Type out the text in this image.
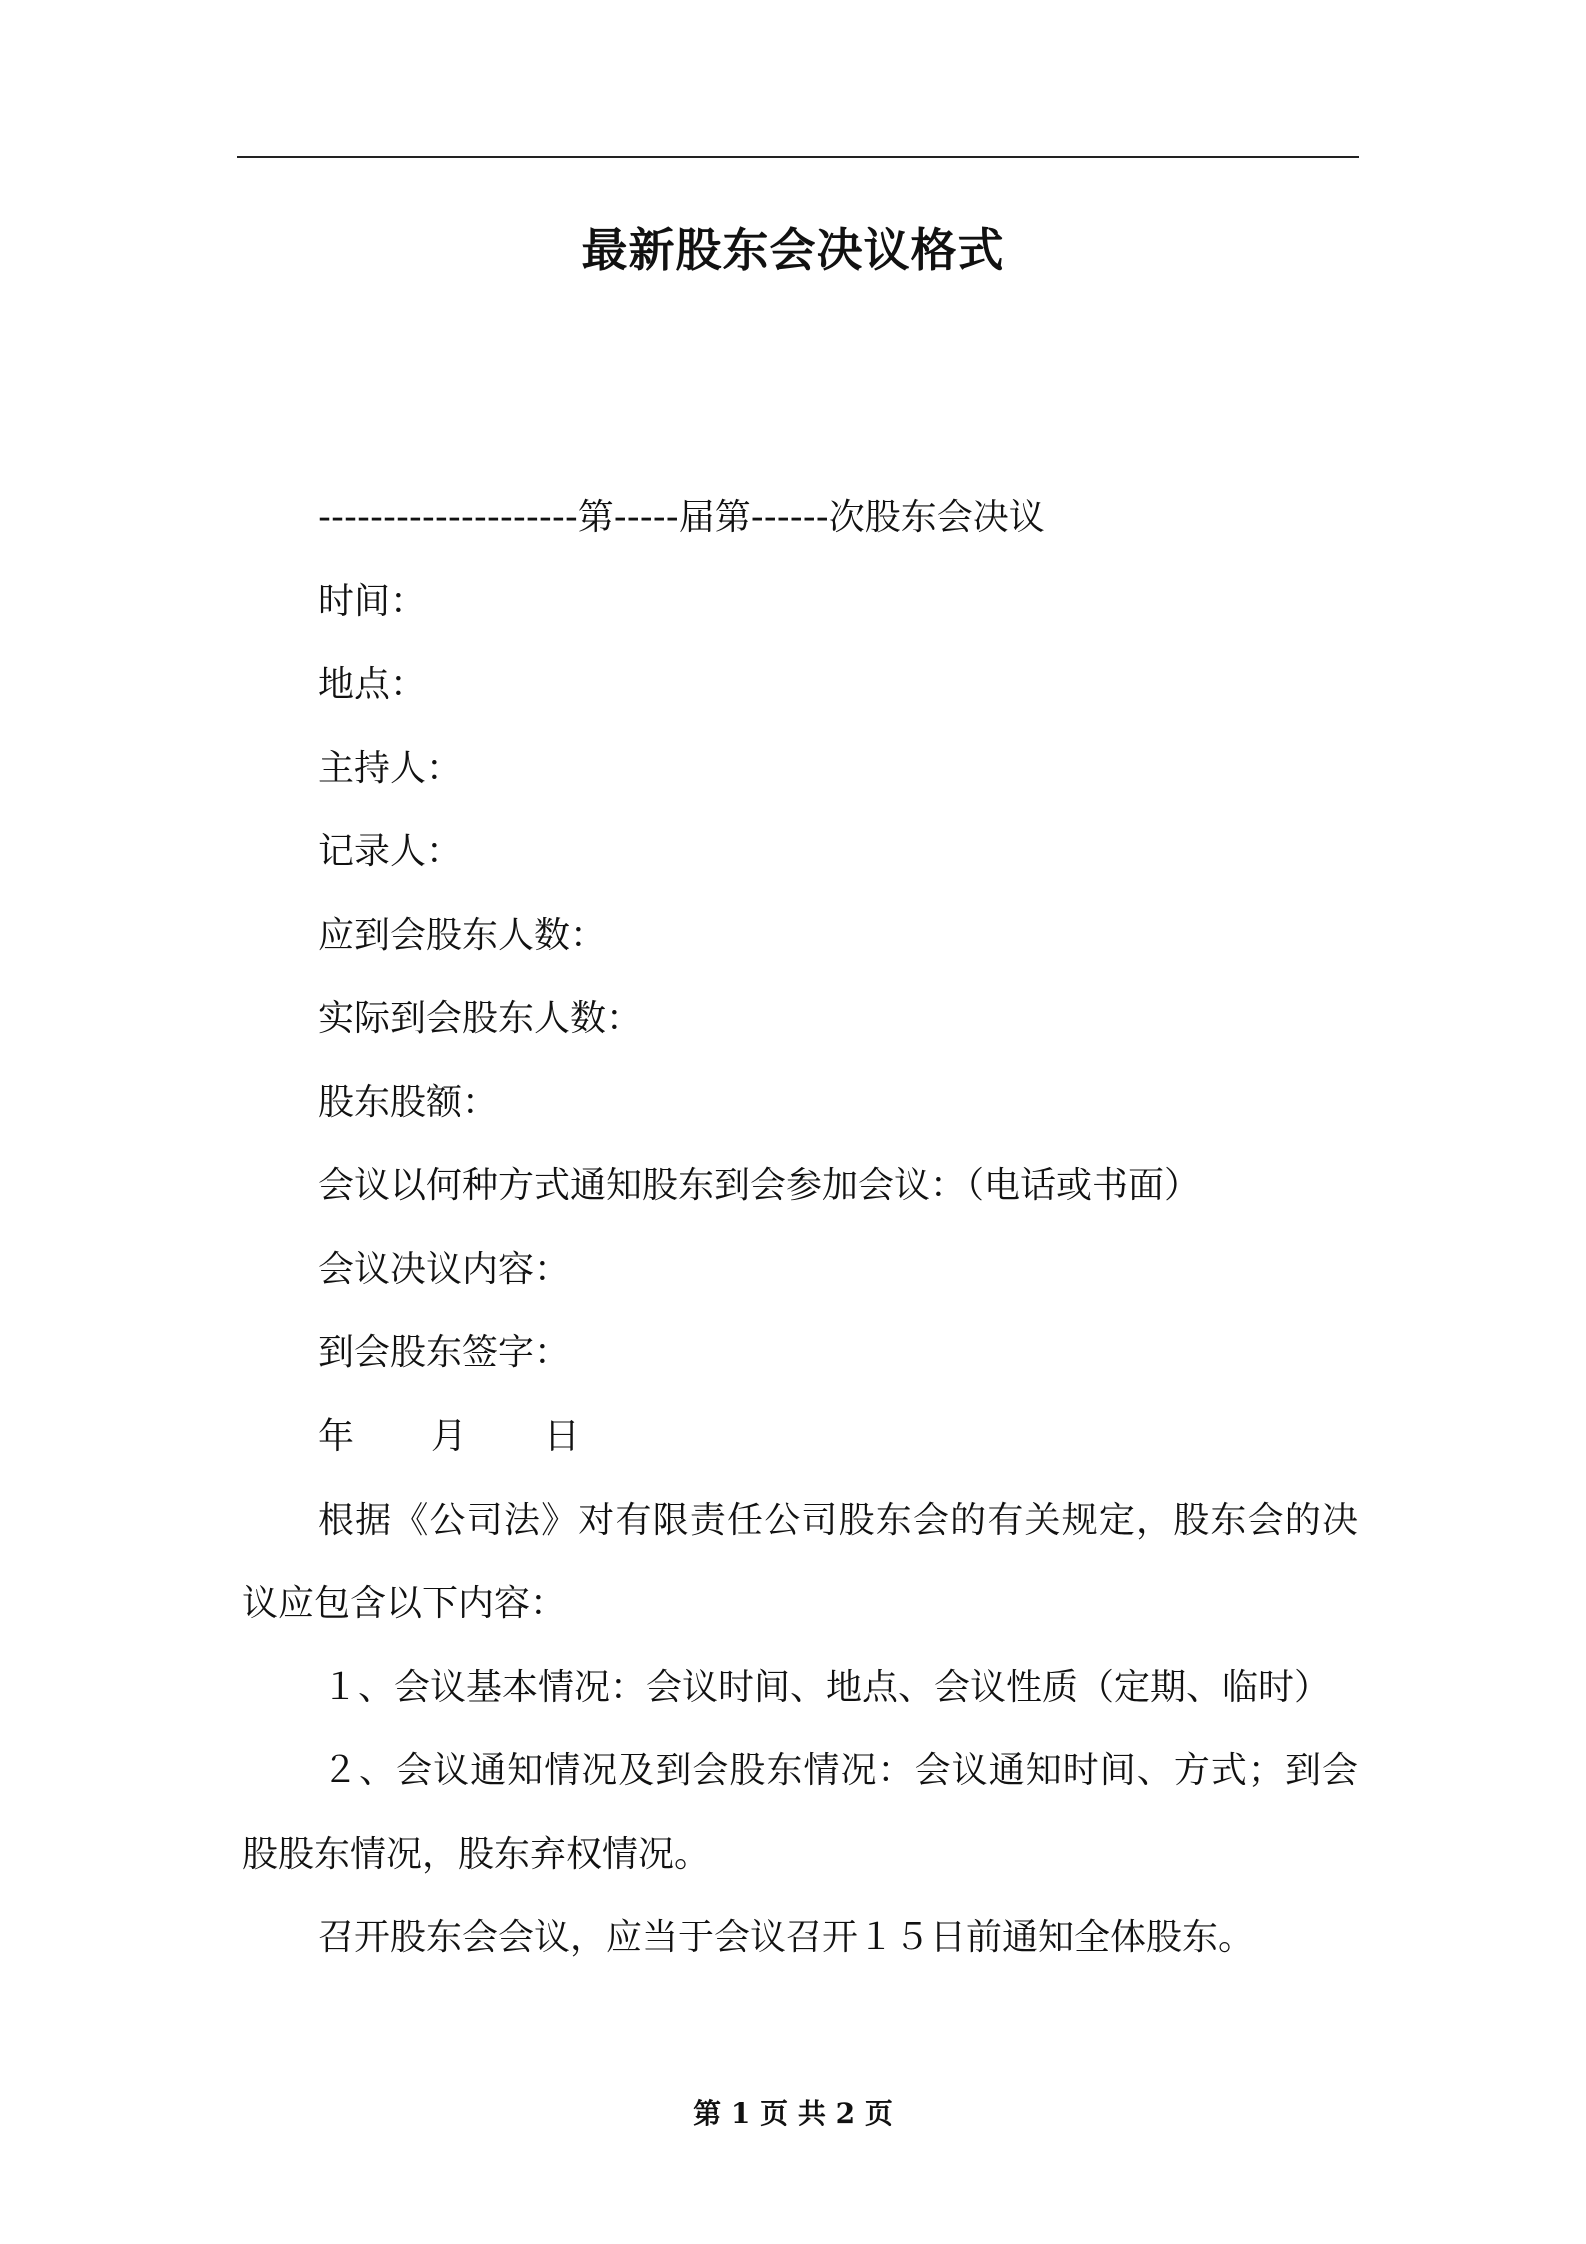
最新股东会决议格式
--------------------第-----届第------次股东会决议
时间：
地点：
主持人：
记录人：
应到会股东人数：
实际到会股东人数：
股东股额：
会议以何种方式通知股东到会参加会议：（电话或书面）
会议决议内容：
到会股东签字：
年 月 日
根据《公司法》对有限责任公司股东会的有关规定，股东会的决
议应包含以下内容：
１、会议基本情况：会议时间、地点、会议性质（定期、临时）
２、会议通知情况及到会股东情况：会议通知时间、方式；到会
股股东情况，股东弃权情况。
召开股东会会议，应当于会议召开１５日前通知全体股东。
第 1 页 共 2 页
